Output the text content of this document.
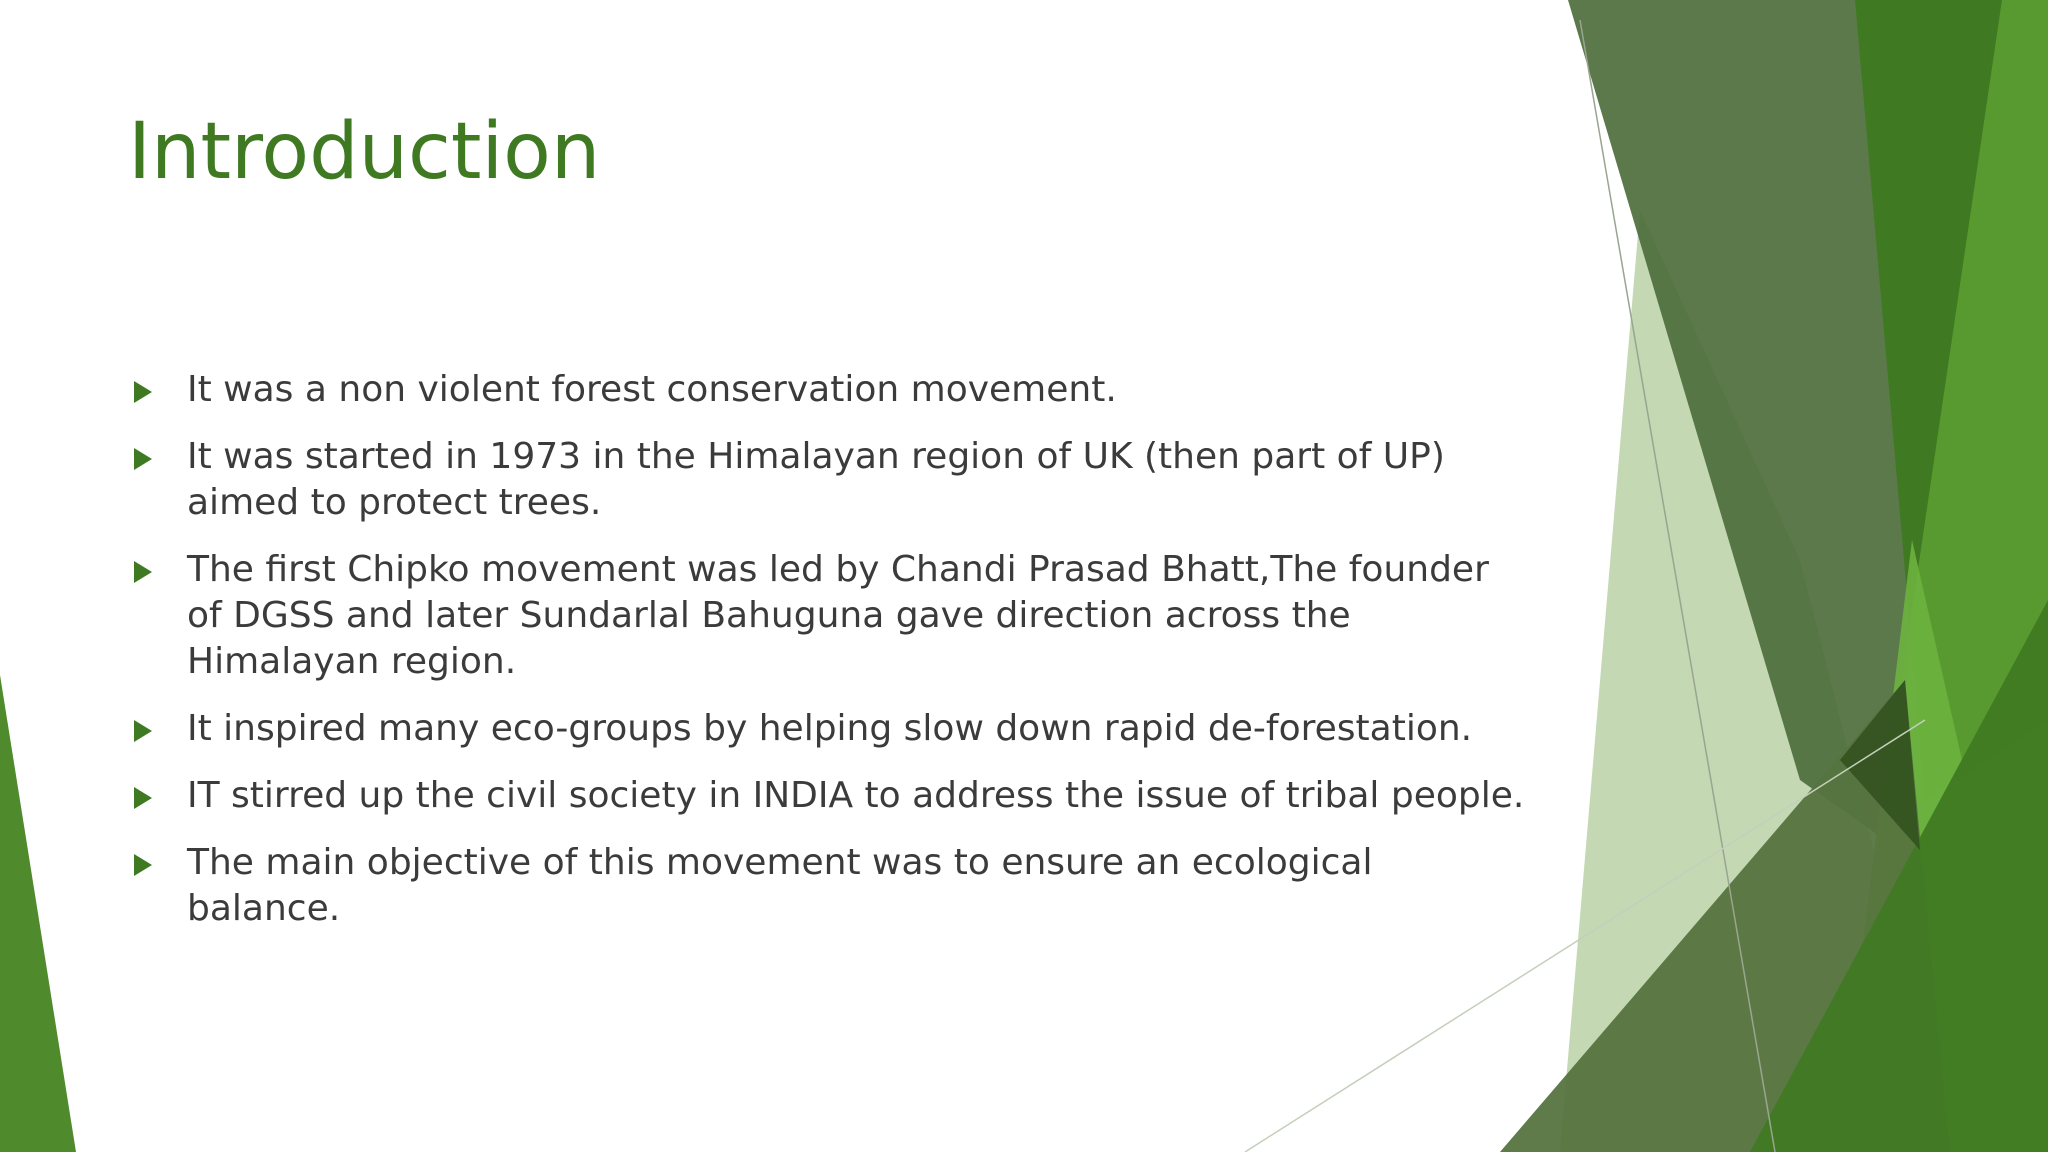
Introduction
It was a non violent forest conservation movement.
It was started in 1973 in the Himalayan region of UK (then part of UP) aimed to protect trees.
The first Chipko movement was led by Chandi Prasad Bhatt,The founder of DGSS and later Sundarlal Bahuguna gave direction across the Himalayan region.
It inspired many eco-groups by helping slow down rapid de-forestation.
IT stirred up the civil society in INDIA to address the issue of tribal people.
The main objective of this movement was to ensure an ecological balance.
